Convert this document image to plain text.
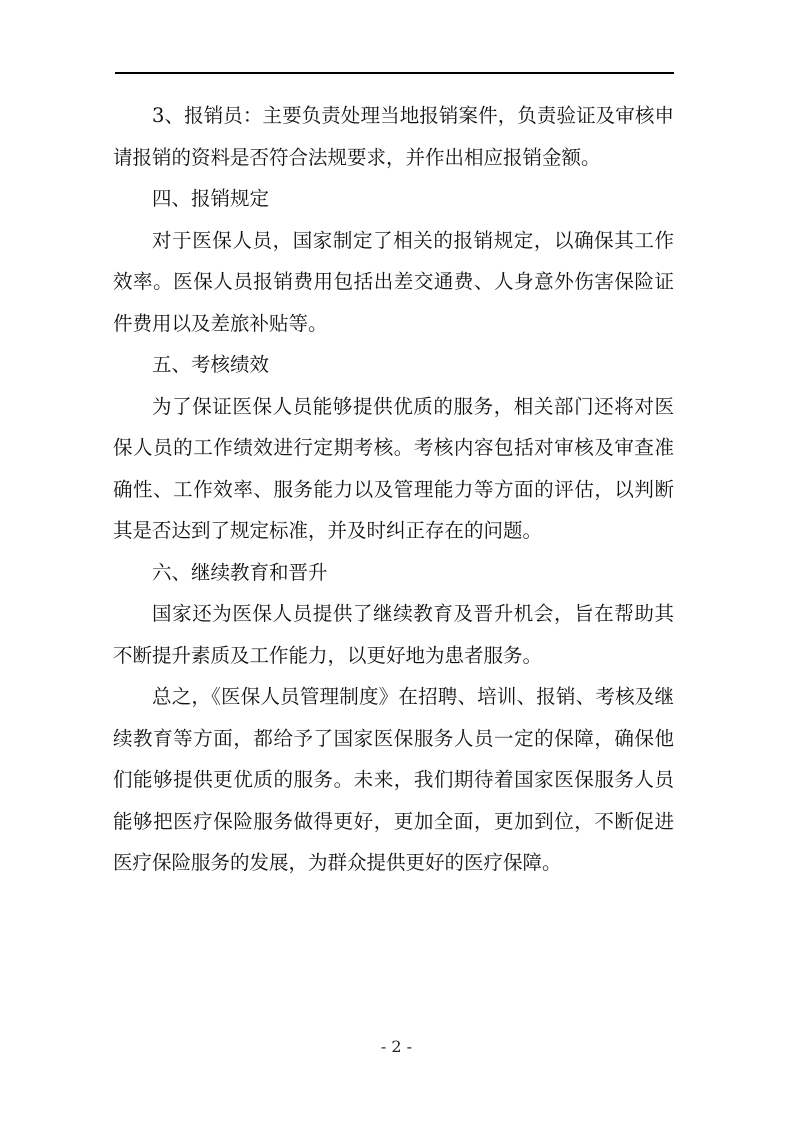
3、报销员：主要负责处理当地报销案件，负责验证及审核申请报销的资料是否符合法规要求，并作出相应报销金额。

四、报销规定

对于医保人员，国家制定了相关的报销规定，以确保其工作效率。医保人员报销费用包括出差交通费、人身意外伤害保险证件费用以及差旅补贴等。

五、考核绩效

为了保证医保人员能够提供优质的服务，相关部门还将对医保人员的工作绩效进行定期考核。考核内容包括对审核及审查准确性、工作效率、服务能力以及管理能力等方面的评估，以判断其是否达到了规定标准，并及时纠正存在的问题。

六、继续教育和晋升

国家还为医保人员提供了继续教育及晋升机会，旨在帮助其不断提升素质及工作能力，以更好地为患者服务。

总之，《医保人员管理制度》在招聘、培训、报销、考核及继续教育等方面，都给予了国家医保服务人员一定的保障，确保他们能够提供更优质的服务。未来，我们期待着国家医保服务人员能够把医疗保险服务做得更好，更加全面，更加到位，不断促进医疗保险服务的发展，为群众提供更好的医疗保障。

- 2 -
